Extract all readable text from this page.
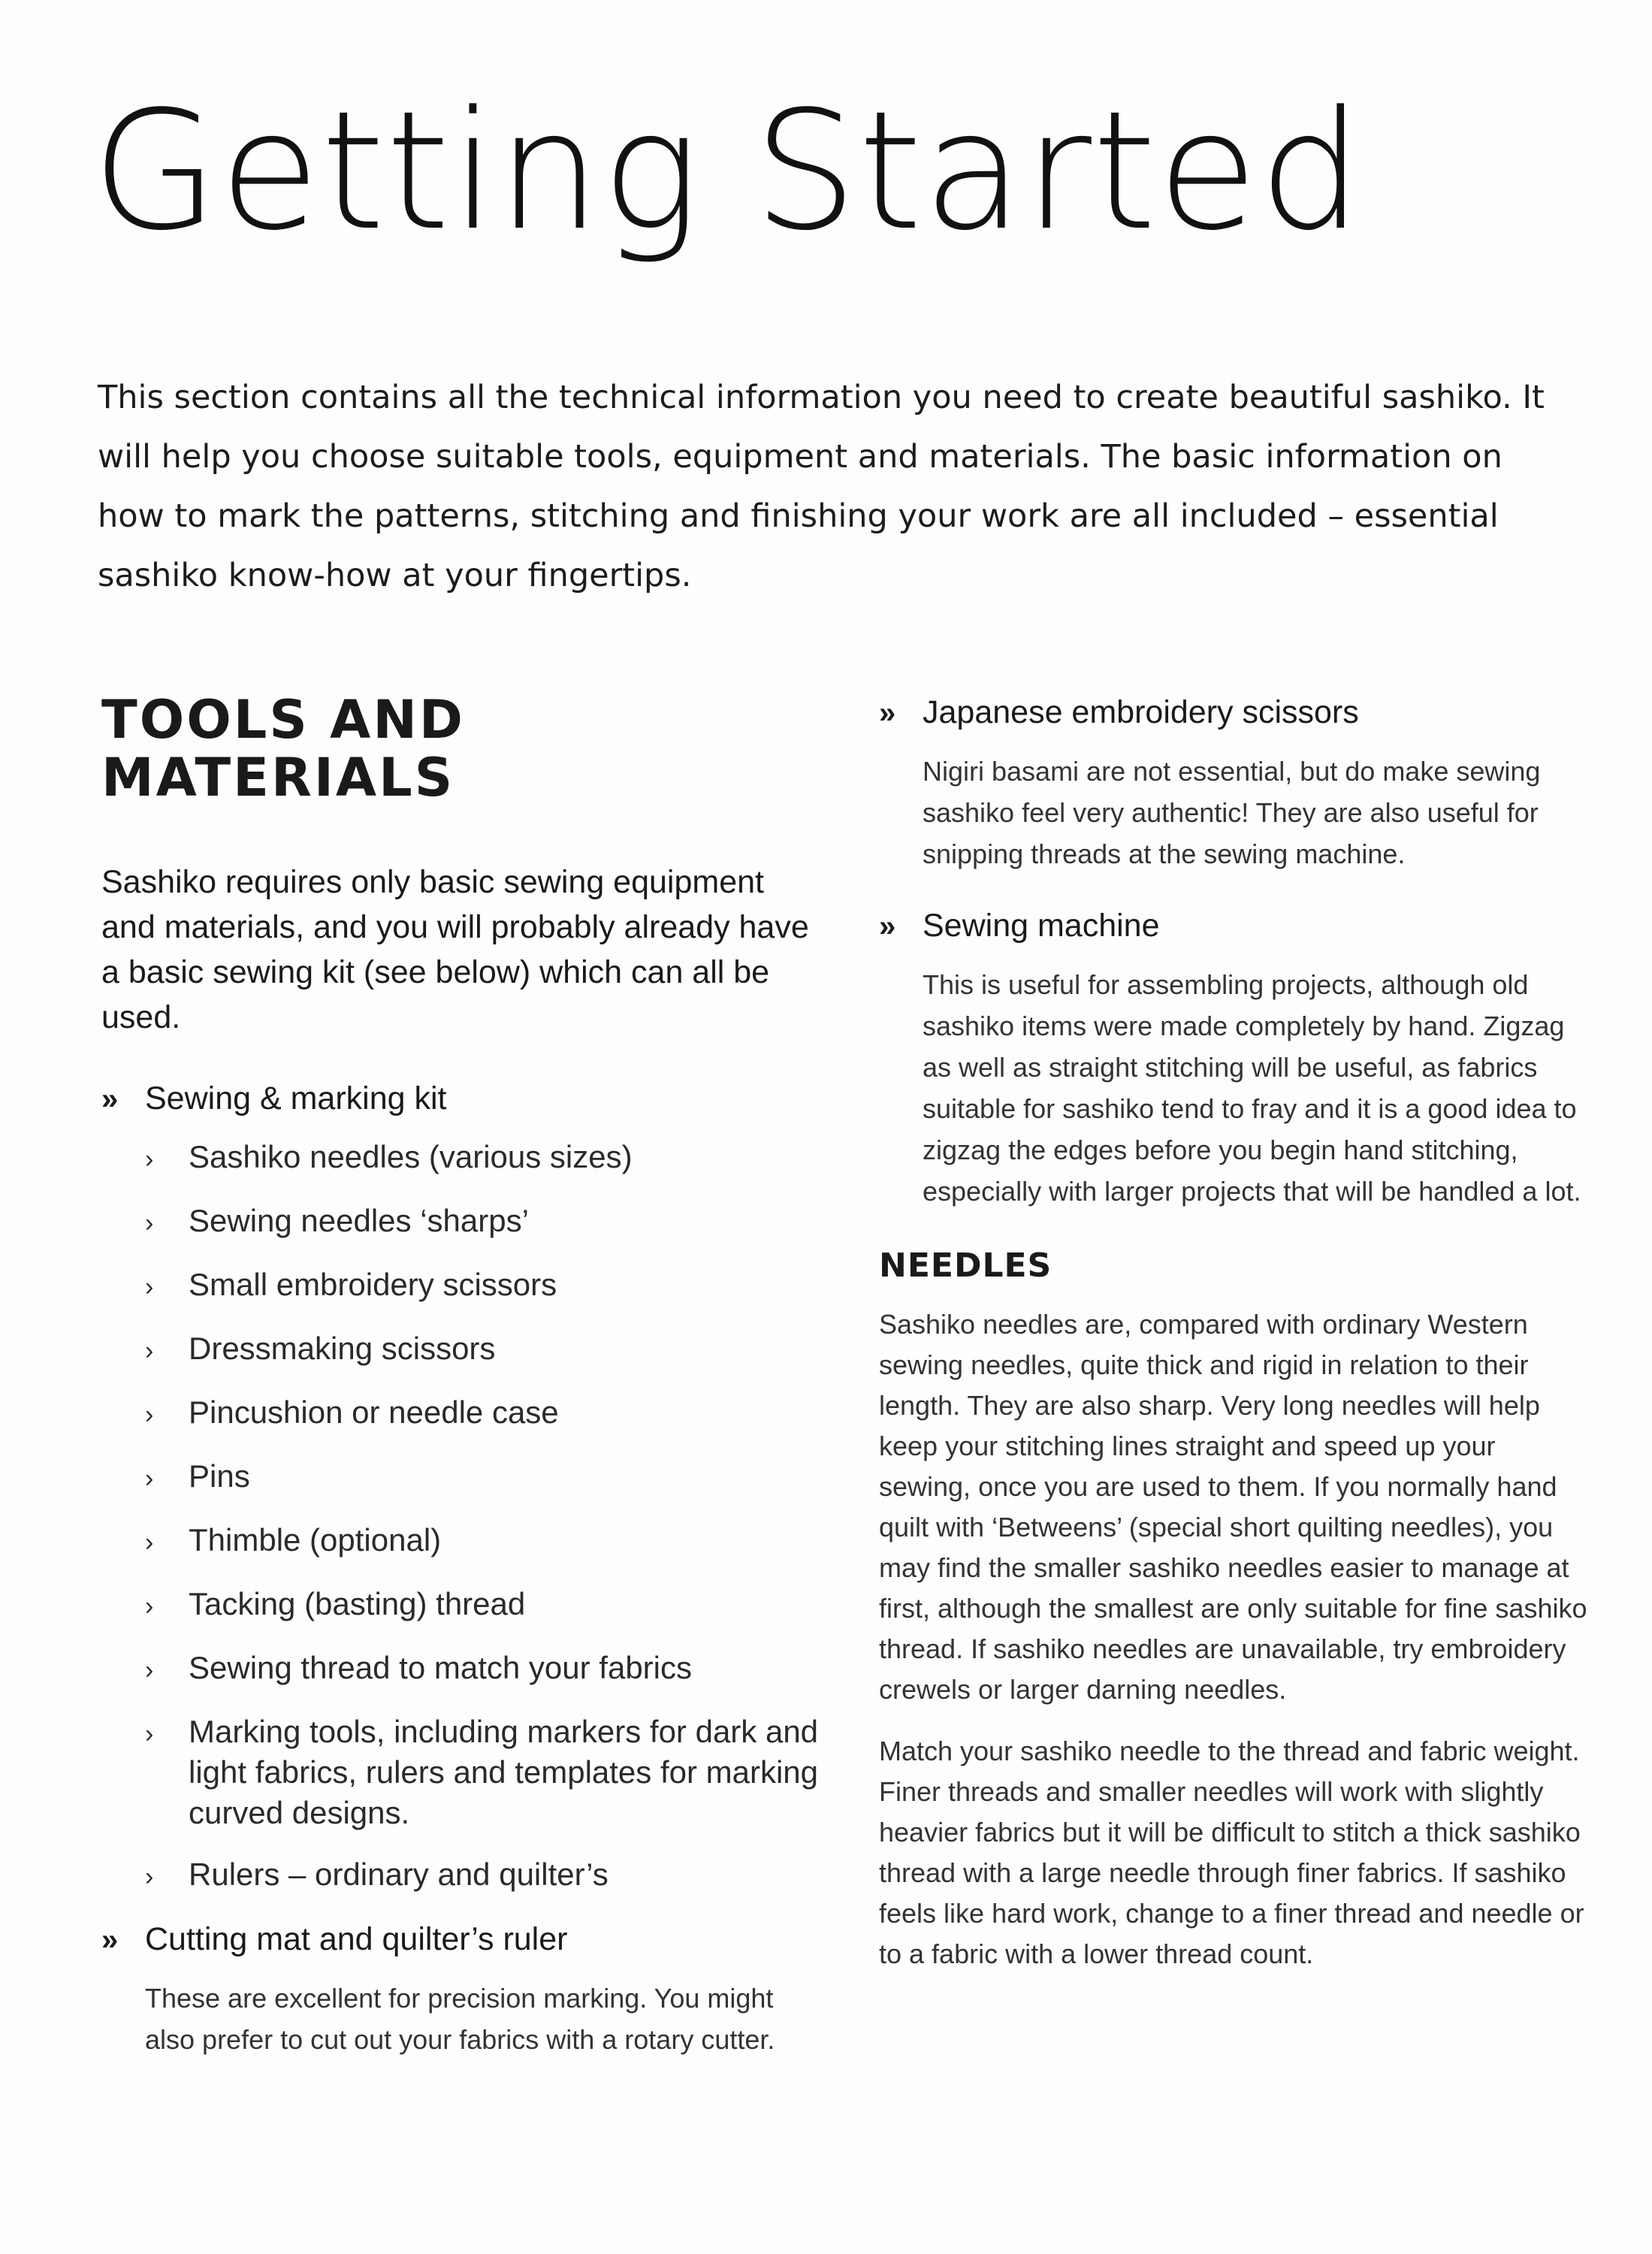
Getting Started

This section contains all the technical information you need to create beautiful sashiko. It will help you choose suitable tools, equipment and materials. The basic information on how to mark the patterns, stitching and finishing your work are all included – essential sashiko know-how at your fingertips.

TOOLS AND MATERIALS

Sashiko requires only basic sewing equipment and materials, and you will probably already have a basic sewing kit (see below) which can all be used.

» Sewing & marking kit
›	Sashiko needles (various sizes)
›	Sewing needles ‘sharps’
›	Small embroidery scissors
›	Dressmaking scissors
›	Pincushion or needle case
›	Pins
›	Thimble (optional)
›	Tacking (basting) thread
›	Sewing thread to match your fabrics
›	Marking tools, including markers for dark and light fabrics, rulers and templates for marking curved designs.
›	Rulers – ordinary and quilter’s
» Cutting mat and quilter’s ruler

These are excellent for precision marking. You might also prefer to cut out your fabrics with a rotary cutter.

» Japanese embroidery scissors

Nigiri basami are not essential, but do make sewing sashiko feel very authentic! They are also useful for snipping threads at the sewing machine.

» Sewing machine

This is useful for assembling projects, although old sashiko items were made completely by hand. Zigzag as well as straight stitching will be useful, as fabrics suitable for sashiko tend to fray and it is a good idea to zigzag the edges before you begin hand stitching, especially with larger projects that will be handled a lot.

NEEDLES

Sashiko needles are, compared with ordinary Western sewing needles, quite thick and rigid in relation to their length. They are also sharp. Very long needles will help keep your stitching lines straight and speed up your sewing, once you are used to them. If you normally hand quilt with ‘Betweens’ (special short quilting needles), you may find the smaller sashiko needles easier to manage at first, although the smallest are only suitable for fine sashiko thread. If sashiko needles are unavailable, try embroidery crewels or larger darning needles.

Match your sashiko needle to the thread and fabric weight. Finer threads and smaller needles will work with slightly heavier fabrics but it will be difficult to stitch a thick sashiko thread with a large needle through finer fabrics. If sashiko feels like hard work, change to a finer thread and needle or to a fabric with a lower thread count.
